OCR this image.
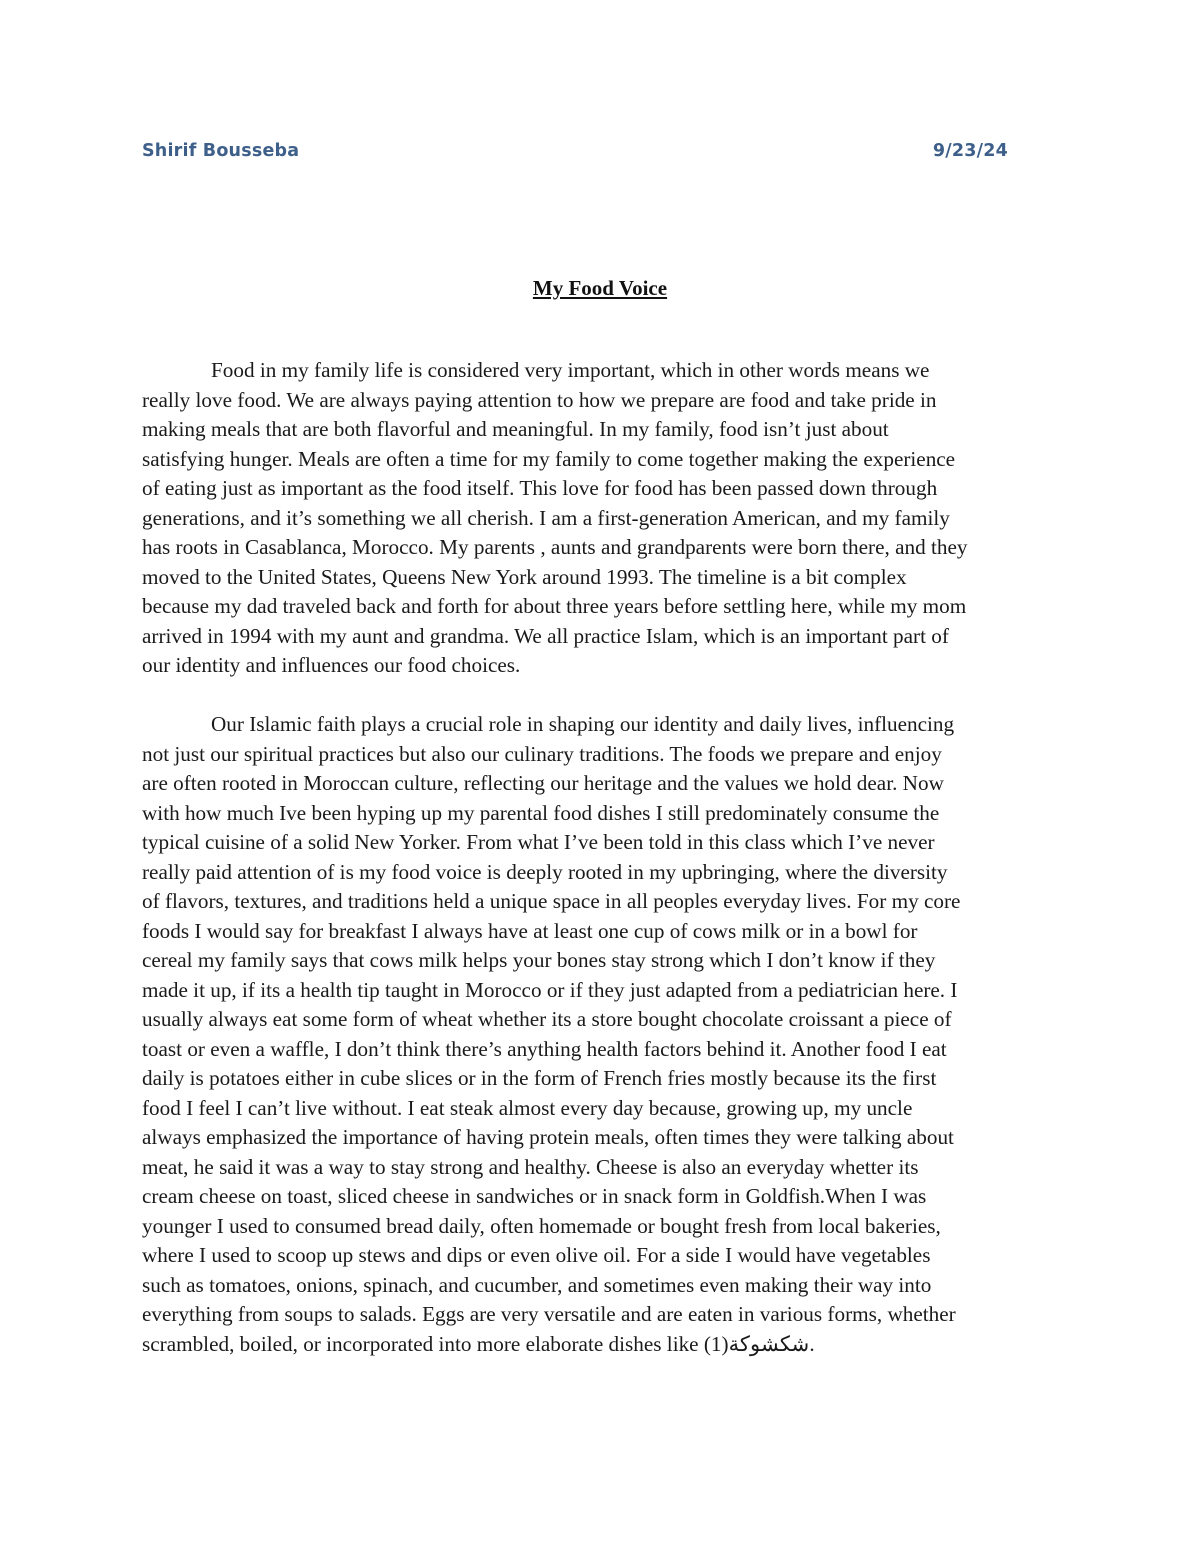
Shirif Bousseba	9/23/24
My Food Voice
Food in my family life is considered very important, which in other words means we
really love food. We are always paying attention to how we prepare are food and take pride in
making meals that are both flavorful and meaningful. In my family, food isn’t just about
satisfying hunger. Meals are often a time for my family to come together making the experience
of eating just as important as the food itself. This love for food has been passed down through
generations, and it’s something we all cherish. I am a first-generation American, and my family
has roots in Casablanca, Morocco. My parents , aunts and grandparents were born there, and they
moved to the United States, Queens New York around 1993. The timeline is a bit complex
because my dad traveled back and forth for about three years before settling here, while my mom
arrived in 1994 with my aunt and grandma. We all practice Islam, which is an important part of
our identity and influences our food choices.
Our Islamic faith plays a crucial role in shaping our identity and daily lives, influencing
not just our spiritual practices but also our culinary traditions. The foods we prepare and enjoy
are often rooted in Moroccan culture, reflecting our heritage and the values we hold dear. Now
with how much Ive been hyping up my parental food dishes I still predominately consume the
typical cuisine of a solid New Yorker. From what I’ve been told in this class which I’ve never
really paid attention of is my food voice is deeply rooted in my upbringing, where the diversity
of flavors, textures, and traditions held a unique space in all peoples everyday lives. For my core
foods I would say for breakfast I always have at least one cup of cows milk or in a bowl for
cereal my family says that cows milk helps your bones stay strong which I don’t know if they
made it up, if its a health tip taught in Morocco or if they just adapted from a pediatrician here. I
usually always eat some form of wheat whether its a store bought chocolate croissant a piece of
toast or even a waffle, I don’t think there’s anything health factors behind it. Another food I eat
daily is potatoes either in cube slices or in the form of French fries mostly because its the first
food I feel I can’t live without. I eat steak almost every day because, growing up, my uncle
always emphasized the importance of having protein meals, often times they were talking about
meat, he said it was a way to stay strong and healthy. Cheese is also an everyday whetter its
cream cheese on toast, sliced cheese in sandwiches or in snack form in Goldfish.When I was
younger I used to consumed bread daily, often homemade or bought fresh from local bakeries,
where I used to scoop up stews and dips or even olive oil. For a side I would have vegetables
such as tomatoes, onions, spinach, and cucumber, and sometimes even making their way into
everything from soups to salads. Eggs are very versatile and are eaten in various forms, whether
scrambled, boiled, or incorporated into more elaborate dishes like (1)شكشوكة.
